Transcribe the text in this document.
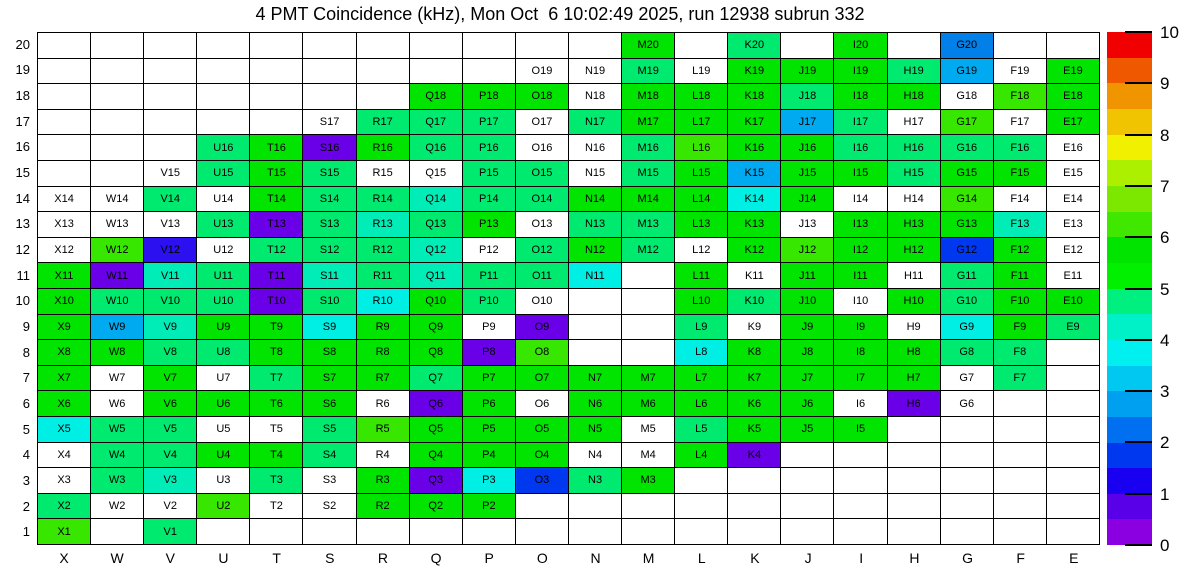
4 PMT Coincidence (kHz), Mon Oct  6 10:02:49 2025, run 12938 subrun 332
20
19
18
17
16
15
14
13
12
11
10
9
8
7
6
5
4
3
2
1
M20	K20	I20	G20
O19	N19	M19	L19	K19	J19	I19	H19	G19	F19	E19
Q18	P18	O18	N18	M18	L18	K18	J18	I18	H18	G18	F18	E18
S17	R17	Q17	P17	O17	N17	M17	L17	K17	J17	I17	H17	G17	F17	E17
U16	T16	S16	R16	Q16	P16	O16	N16	M16	L16	K16	J16	I16	H16	G16	F16	E16
V15	U15	T15	S15	R15	Q15	P15	O15	N15	M15	L15	K15	J15	I15	H15	G15	F15	E15
X14	W14	V14	U14	T14	S14	R14	Q14	P14	O14	N14	M14	L14	K14	J14	I14	H14	G14	F14	E14
X13	W13	V13	U13	T13	S13	R13	Q13	P13	O13	N13	M13	L13	K13	J13	I13	H13	G13	F13	E13
X12	W12	V12	U12	T12	S12	R12	Q12	P12	O12	N12	M12	L12	K12	J12	I12	H12	G12	F12	E12
X11	W11	V11	U11	T11	S11	R11	Q11	P11	O11	N11	L11	K11	J11	I11	H11	G11	F11	E11
X10	W10	V10	U10	T10	S10	R10	Q10	P10	O10	L10	K10	J10	I10	H10	G10	F10	E10
X9	W9	V9	U9	T9	S9	R9	Q9	P9	O9	L9	K9	J9	I9	H9	G9	F9	E9
X8	W8	V8	U8	T8	S8	R8	Q8	P8	O8	L8	K8	J8	I8	H8	G8	F8
X7	W7	V7	U7	T7	S7	R7	Q7	P7	O7	N7	M7	L7	K7	J7	I7	H7	G7	F7
X6	W6	V6	U6	T6	S6	R6	Q6	P6	O6	N6	M6	L6	K6	J6	I6	H6	G6
X5	W5	V5	U5	T5	S5	R5	Q5	P5	O5	N5	M5	L5	K5	J5	I5
X4	W4	V4	U4	T4	S4	R4	Q4	P4	O4	N4	M4	L4	K4
X3	W3	V3	U3	T3	S3	R3	Q3	P3	O3	N3	M3
X2	W2	V2	U2	T2	S2	R2	Q2	P2
X1	V1
X	W	V	U	T	S	R	Q	P	O	N	M	L	K	J	I	H	G	F	E
0
1
2
3
4
5
6
7
8
9
10
